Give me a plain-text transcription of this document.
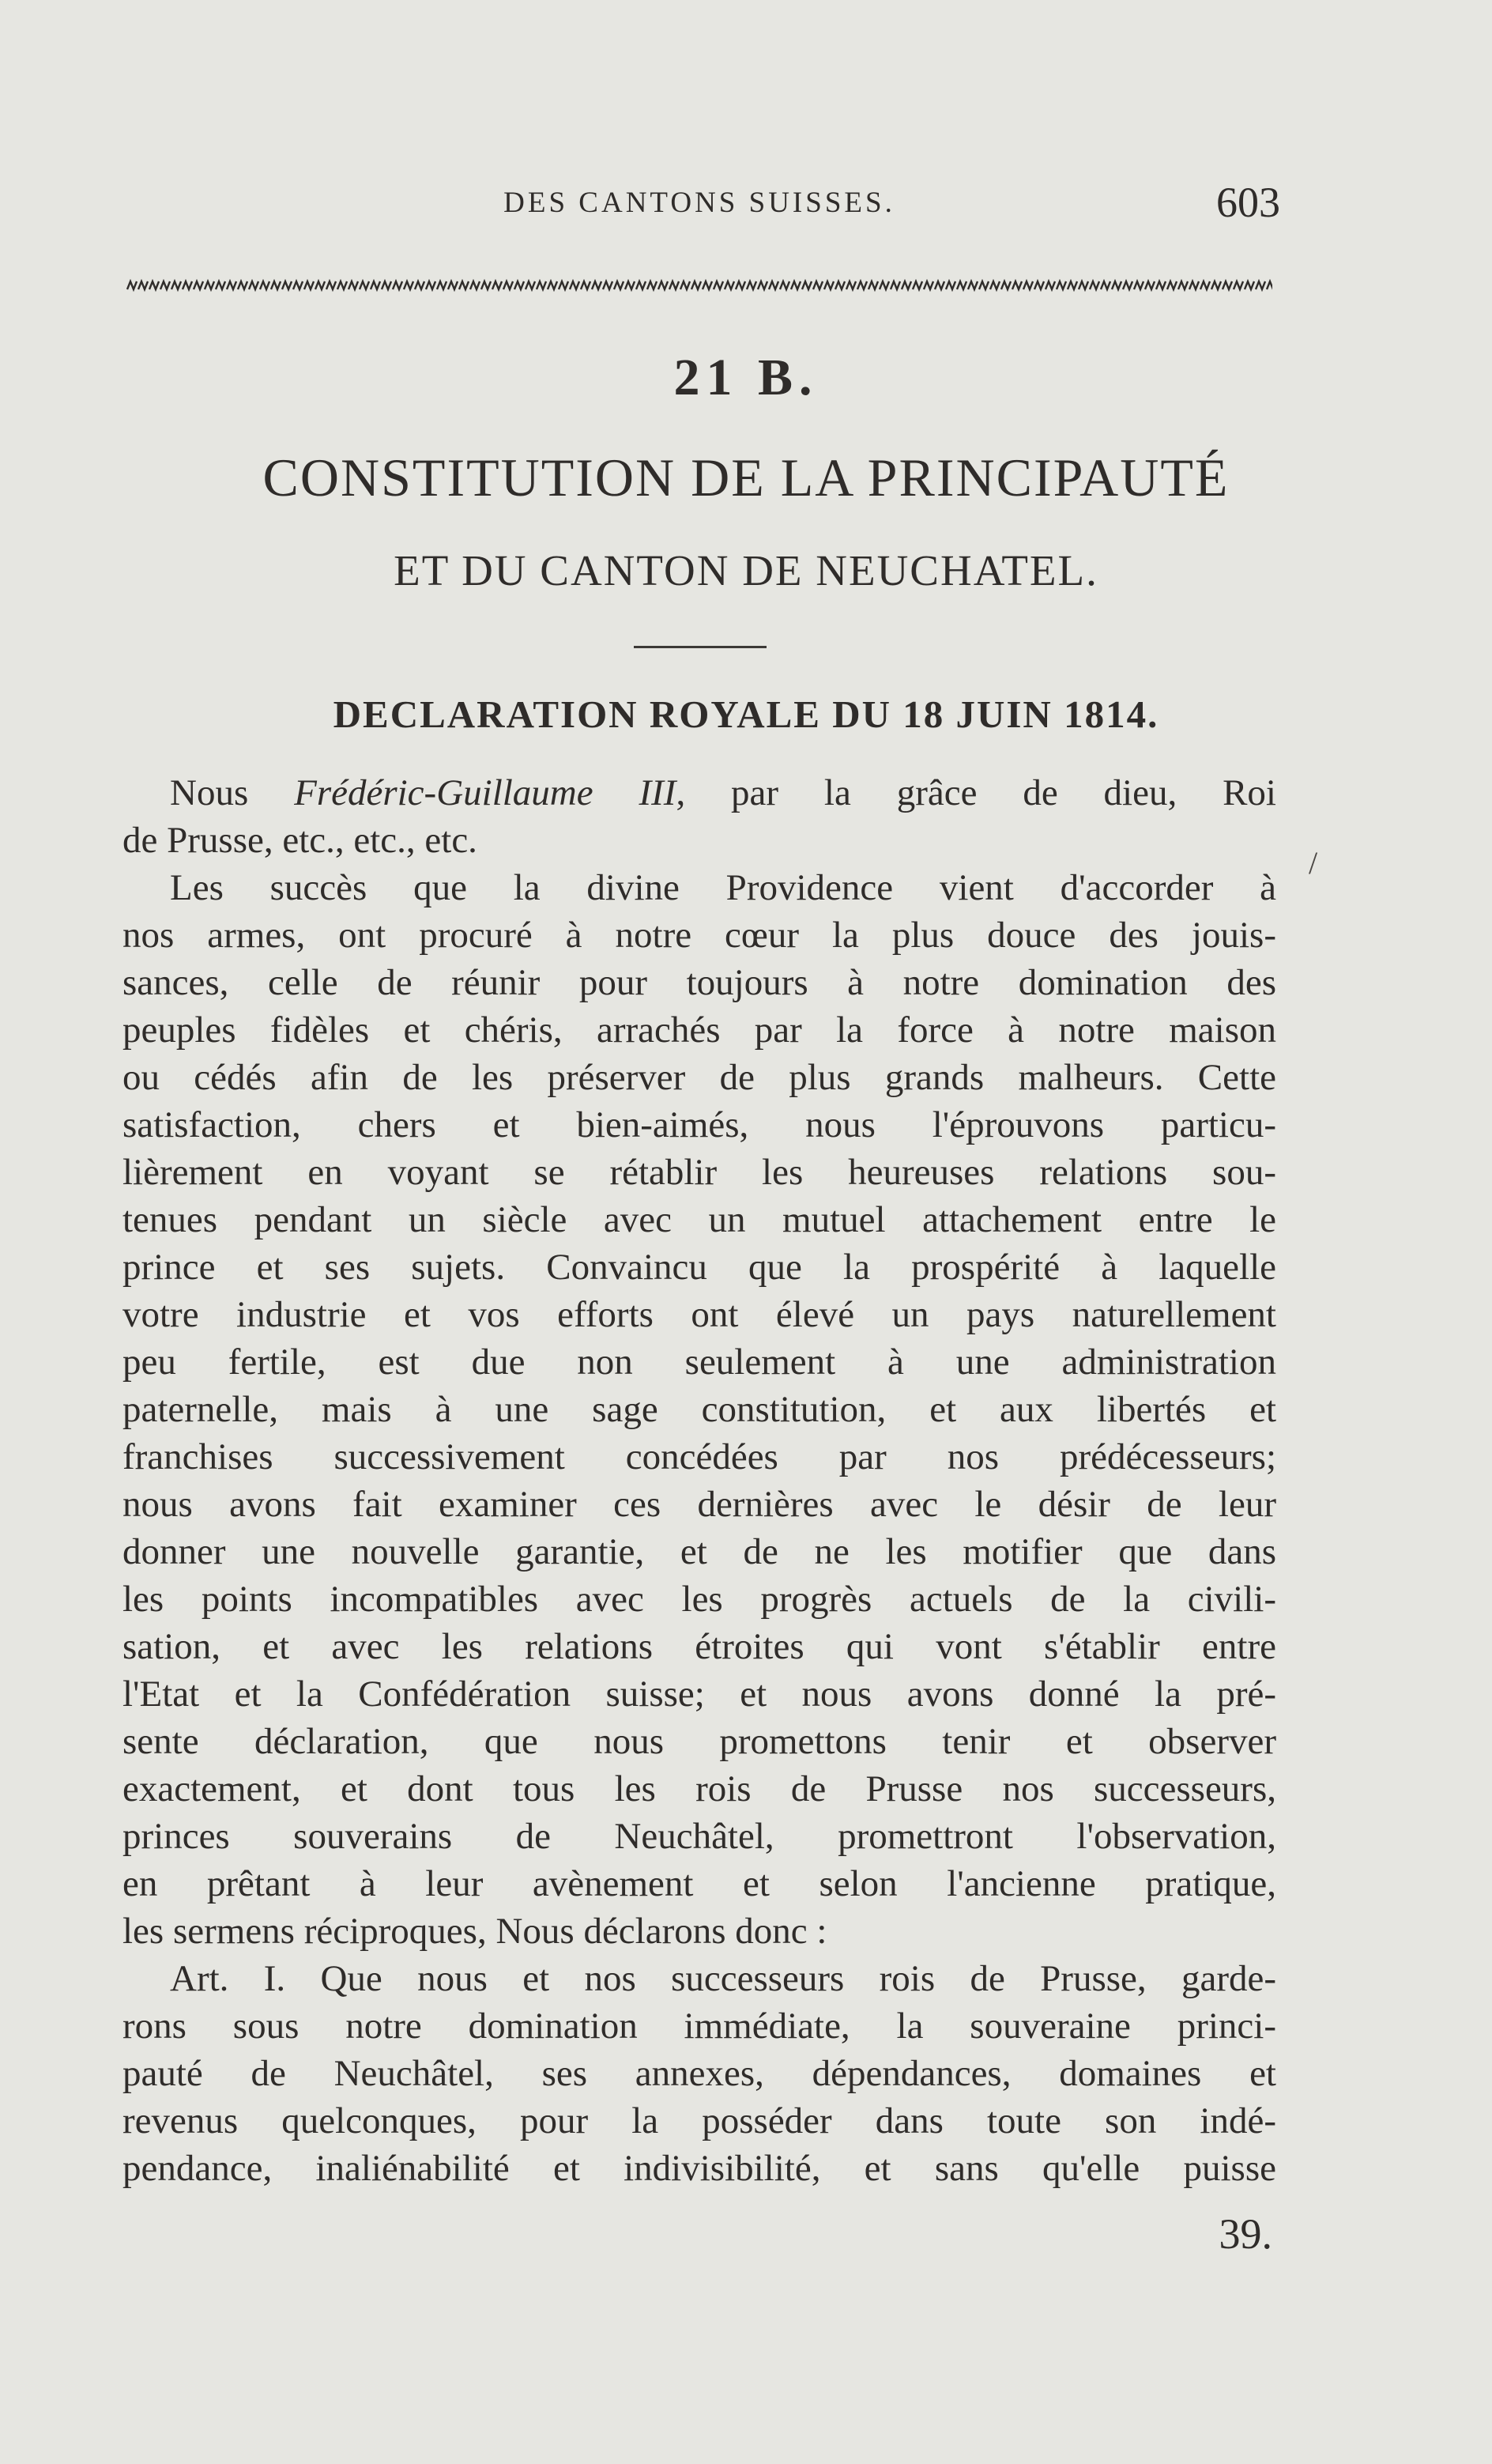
DES CANTONS SUISSES.	603
21 B.
CONSTITUTION DE LA PRINCIPAUTÉ
ET DU CANTON DE NEUCHATEL.
DECLARATION ROYALE DU 18 JUIN 1814.
/
Nous Frédéric-Guillaume III, par la grâce de dieu, Roi
de Prusse, etc., etc., etc.
Les succès que la divine Providence vient d'accorder à
nos armes, ont procuré à notre cœur la plus douce des jouis-
sances, celle de réunir pour toujours à notre domination des
peuples fidèles et chéris, arrachés par la force à notre maison
ou cédés afin de les préserver de plus grands malheurs. Cette
satisfaction, chers et bien-aimés, nous l'éprouvons particu-
lièrement en voyant se rétablir les heureuses relations sou-
tenues pendant un siècle avec un mutuel attachement entre le
prince et ses sujets. Convaincu que la prospérité à laquelle
votre industrie et vos efforts ont élevé un pays naturellement
peu fertile, est due non seulement à une administration
paternelle, mais à une sage constitution, et aux libertés et
franchises successivement concédées par nos prédécesseurs;
nous avons fait examiner ces dernières avec le désir de leur
donner une nouvelle garantie, et de ne les motifier que dans
les points incompatibles avec les progrès actuels de la civili-
sation, et avec les relations étroites qui vont s'établir entre
l'Etat et la Confédération suisse; et nous avons donné la pré-
sente déclaration, que nous promettons tenir et observer
exactement, et dont tous les rois de Prusse nos successeurs,
princes souverains de Neuchâtel, promettront l'observation,
en prêtant à leur avènement et selon l'ancienne pratique,
les sermens réciproques, Nous déclarons donc :
Art. I. Que nous et nos successeurs rois de Prusse, garde-
rons sous notre domination immédiate, la souveraine princi-
pauté de Neuchâtel, ses annexes, dépendances, domaines et
revenus quelconques, pour la posséder dans toute son indé-
pendance, inaliénabilité et indivisibilité, et sans qu'elle puisse
39.
